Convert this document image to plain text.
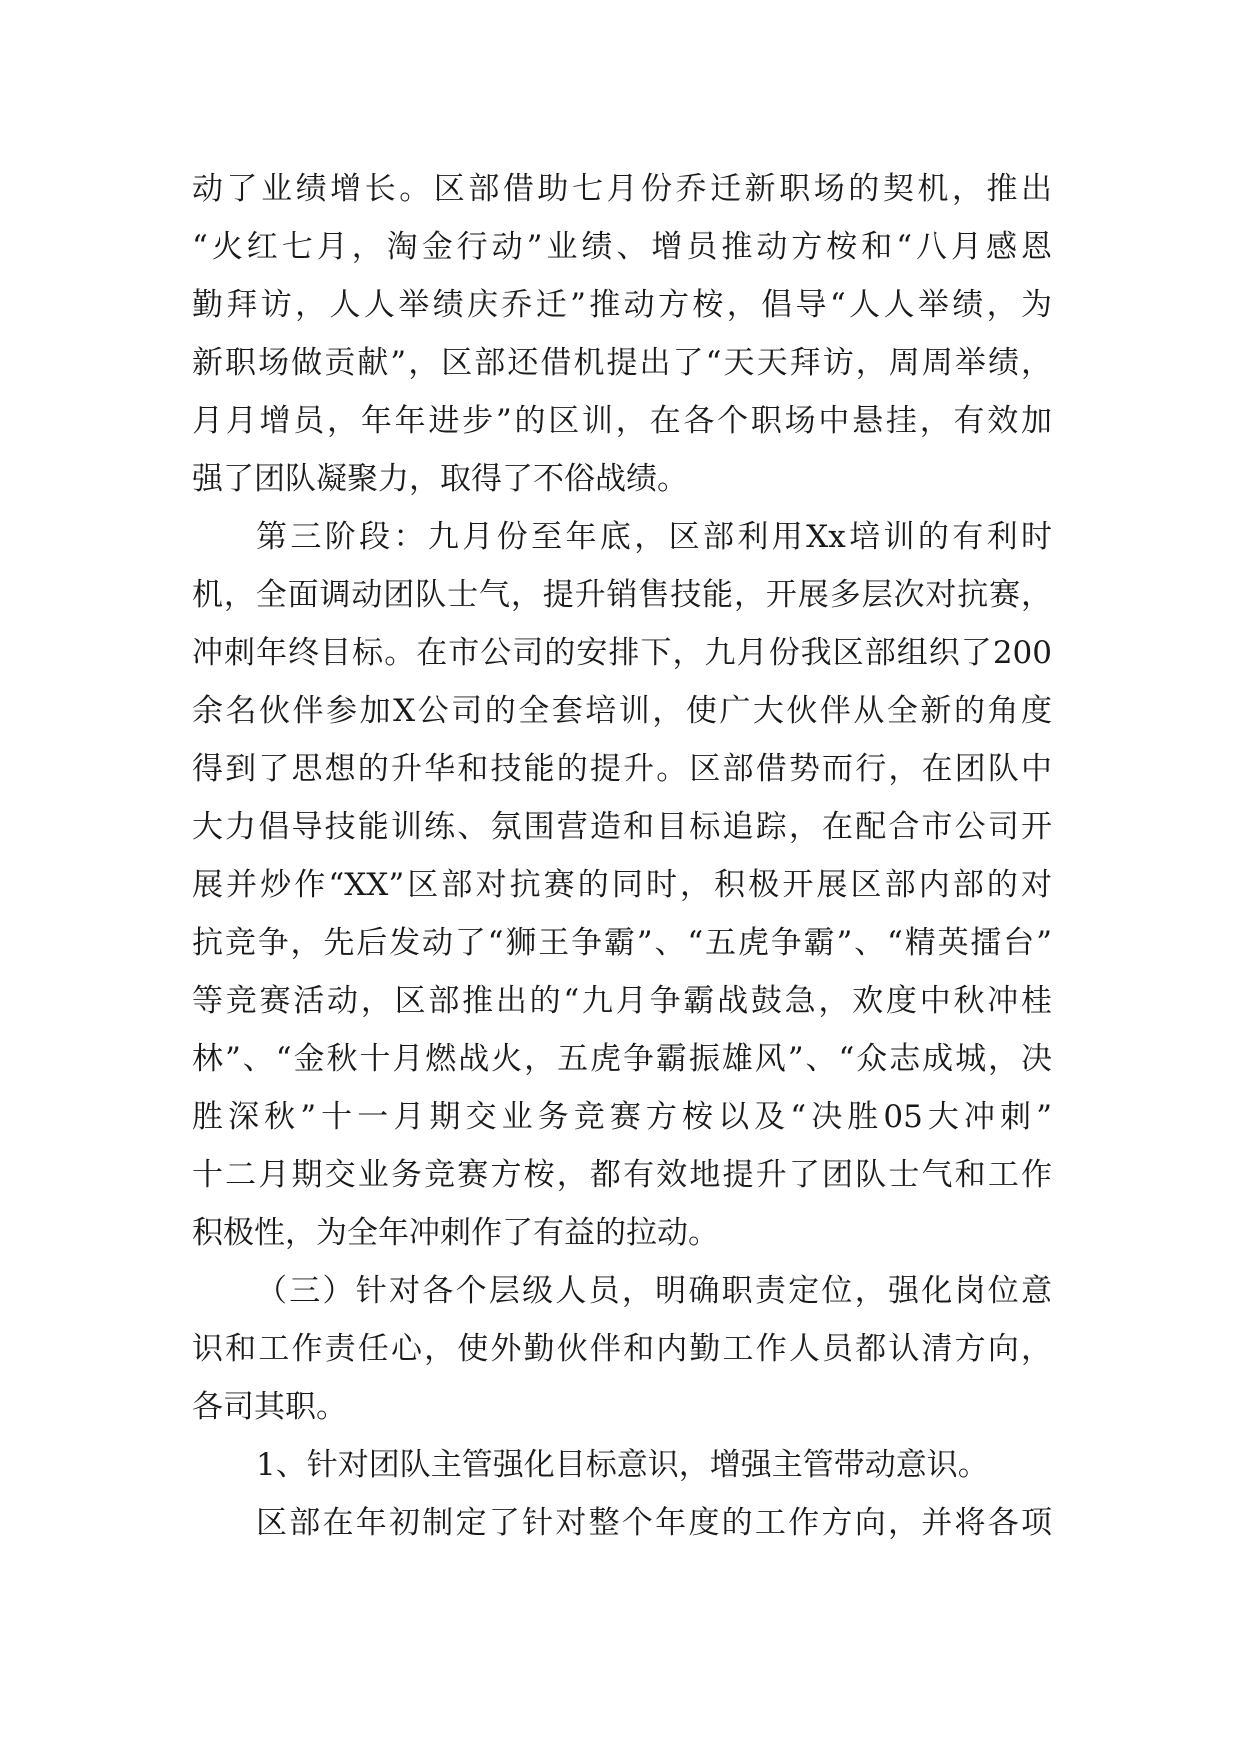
动了业绩增长。区部借助七月份乔迁新职场的契机，推出
“火红七月，淘金行动”业绩、增员推动方桉和“八月感恩
勤拜访，人人举绩庆乔迁”推动方桉，倡导“人人举绩，为
新职场做贡献”，区部还借机提出了“天天拜访，周周举绩，
月月增员，年年进步”的区训，在各个职场中悬挂，有效加
强了团队凝聚力，取得了不俗战绩。
第三阶段：九月份至年底，区部利用Xx培训的有利时
机，全面调动团队士气，提升销售技能，开展多层次对抗赛，
冲刺年终目标。在市公司的安排下，九月份我区部组织了200
余名伙伴参加X公司的全套培训，使广大伙伴从全新的角度
得到了思想的升华和技能的提升。区部借势而行，在团队中
大力倡导技能训练、氛围营造和目标追踪，在配合市公司开
展并炒作“XX”区部对抗赛的同时，积极开展区部内部的对
抗竞争，先后发动了“狮王争霸”、“五虎争霸”、“精英擂台”
等竞赛活动，区部推出的“九月争霸战鼓急，欢度中秋冲桂
林”、“金秋十月燃战火，五虎争霸振雄风”、“众志成城，决
胜深秋”十一月期交业务竞赛方桉以及“决胜05大冲刺”
十二月期交业务竞赛方桉，都有效地提升了团队士气和工作
积极性，为全年冲刺作了有益的拉动。
（三）针对各个层级人员，明确职责定位，强化岗位意
识和工作责任心，使外勤伙伴和内勤工作人员都认清方向，
各司其职。
1、针对团队主管强化目标意识，增强主管带动意识。
区部在年初制定了针对整个年度的工作方向，并将各项
